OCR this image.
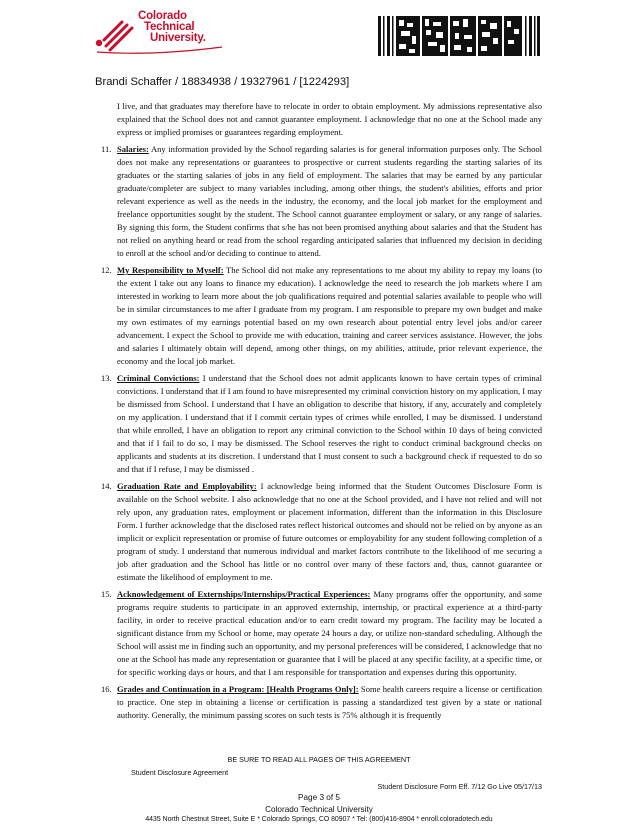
Colorado
Technical
University.
Brandi Schaffer / 18834938 / 19327961 / [1224293]

I live, and that graduates may therefore have to relocate in order to obtain employment. My admissions representative also explained that the School does not and cannot guarantee employment. I acknowledge that no one at the School made any express or implied promises or guarantees regarding employment.

11. Salaries: Any information provided by the School regarding salaries is for general information purposes only. The School does not make any representations or guarantees to prospective or current students regarding the starting salaries of its graduates or the starting salaries of jobs in any field of employment. The salaries that may be earned by any particular graduate/completer are subject to many variables including, among other things, the student's abilities, efforts and prior relevant experience as well as the needs in the industry, the economy, and the local job market for the employment and freelance opportunities sought by the student. The School cannot guarantee employment or salary, or any range of salaries. By signing this form, the Student confirms that s/he has not been promised anything about salaries and that the Student has not relied on anything heard or read from the school regarding anticipated salaries that influenced my decision in deciding to enroll at the school and/or deciding to continue to attend.
12. My Responsibility to Myself: The School did not make any representations to me about my ability to repay my loans (to the extent I take out any loans to finance my education). I acknowledge the need to research the job markets where I am interested in working to learn more about the job qualifications required and potential salaries available to people who will be in similar circumstances to me after I graduate from my program. I am responsible to prepare my own budget and make my own estimates of my earnings potential based on my own research about potential entry level jobs and/or career advancement. I expect the School to provide me with education, training and career services assistance. However, the jobs and salaries I ultimately obtain will depend, among other things, on my abilities, attitude, prior relevant experience, the economy and the local job market.
13. Criminal Convictions: I understand that the School does not admit applicants known to have certain types of criminal convictions. I understand that if I am found to have misrepresented my criminal conviction history on my application, I may be dismissed from School. I understand that I have an obligation to describe that history, if any, accurately and completely on my application. I understand that if I commit certain types of crimes while enrolled, I may be dismissed. I understand that while enrolled, I have an obligation to report any criminal conviction to the School within 10 days of being convicted and that if I fail to do so, I may be dismissed. The School reserves the right to conduct criminal background checks on applicants and students at its discretion. I understand that I must consent to such a background check if requested to do so and that if I refuse, I may be dismissed .
14. Graduation Rate and Employability: I acknowledge being informed that the Student Outcomes Disclosure Form is available on the School website. I also acknowledge that no one at the School provided, and I have not relied and will not rely upon, any graduation rates, employment or placement information, different than the information in this Disclosure Form. I further acknowledge that the disclosed rates reflect historical outcomes and should not be relied on by anyone as an implicit or explicit representation or promise of future outcomes or employability for any student following completion of a program of study. I understand that numerous individual and market factors contribute to the likelihood of me securing a job after graduation and the School has little or no control over many of these factors and, thus, cannot guarantee or estimate the likelihood of employment to me.
15. Acknowledgement of Externships/Internships/Practical Experiences: Many programs offer the opportunity, and some programs require students to participate in an approved externship, internship, or practical experience at a third-party facility, in order to receive practical education and/or to earn credit toward my program. The facility may be located a significant distance from my School or home, may operate 24 hours a day, or utilize non-standard scheduling. Although the School will assist me in finding such an opportunity, and my personal preferences will be considered, I acknowledge that no one at the School has made any representation or guarantee that I will be placed at any specific facility, at a specific time, or for specific working days or hours, and that I am responsible for transportation and expenses during this opportunity.
16. Grades and Continuation in a Program: [Health Programs Only]: Some health careers require a license or certification to practice. One step in obtaining a license or certification is passing a standardized test given by a state or national authority. Generally, the minimum passing scores on such tests is 75% although it is frequently
BE SURE TO READ ALL PAGES OF THIS AGREEMENT
Student Disclosure Agreement
Student Disclosure Form Eff. 7/12 Go Live 05/17/13
Page 3 of 5
Colorado Technical University
4435 North Chestnut Street, Suite E * Colorado Springs, CO 80907 * Tel: (800)416-8904 * enroll.coloradotech.edu
